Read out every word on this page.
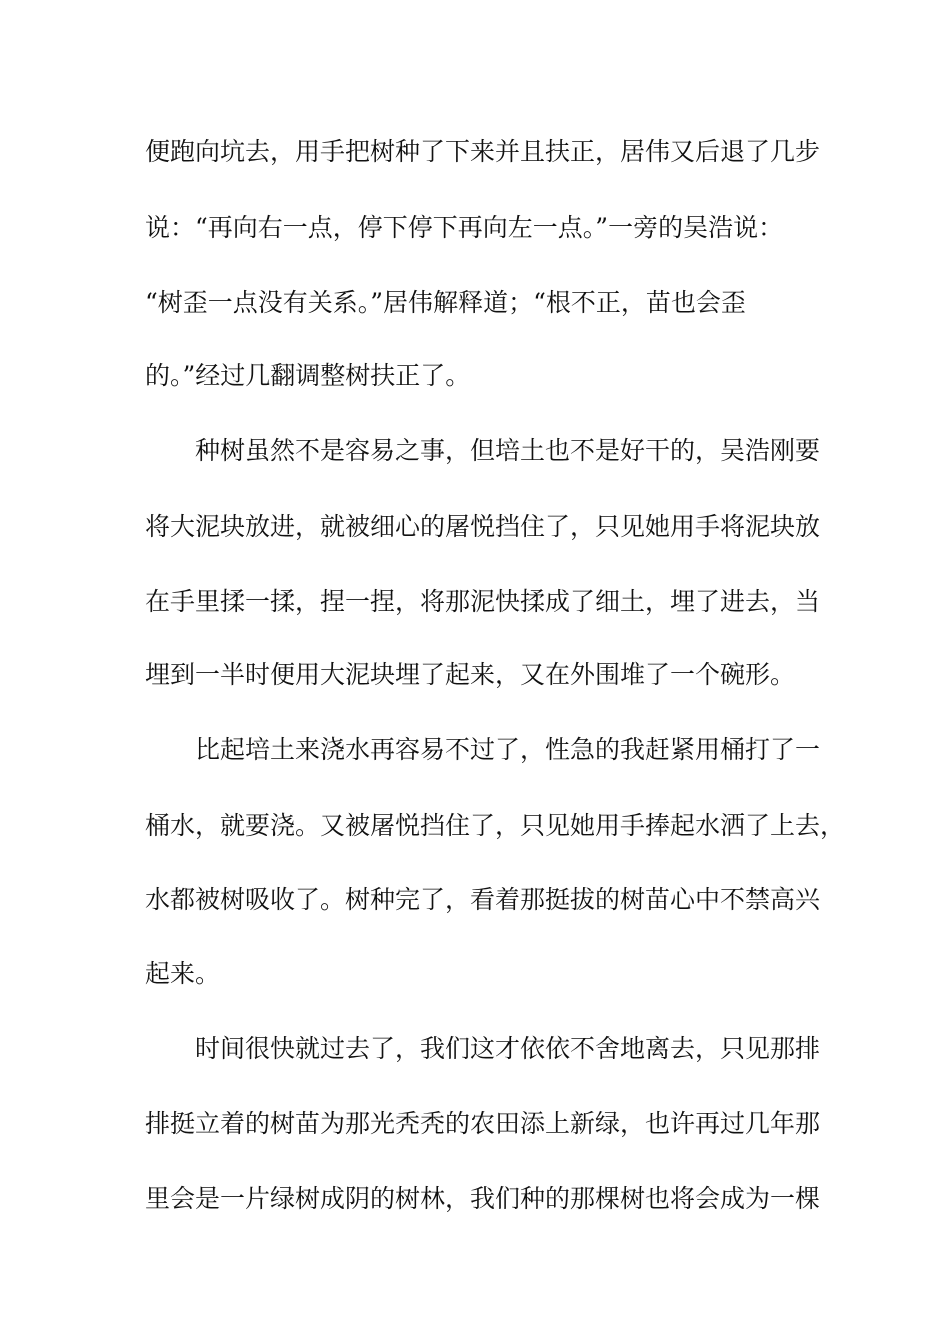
便跑向坑去，用手把树种了下来并且扶正，居伟又后退了几步
说：“再向右一点，停下停下再向左一点。”一旁的吴浩说：
“树歪一点没有关系。”居伟解释道；“根不正，苗也会歪
的。”经过几翻调整树扶正了。
　　种树虽然不是容易之事，但培土也不是好干的，吴浩刚要
将大泥块放进，就被细心的屠悦挡住了，只见她用手将泥块放
在手里揉一揉，捏一捏，将那泥快揉成了细土，埋了进去，当
埋到一半时便用大泥块埋了起来，又在外围堆了一个碗形。
　　比起培土来浇水再容易不过了，性急的我赶紧用桶打了一
桶水，就要浇。又被屠悦挡住了，只见她用手捧起水洒了上去，
水都被树吸收了。树种完了，看着那挺拔的树苗心中不禁高兴
起来。
　　时间很快就过去了，我们这才依依不舍地离去，只见那排
排挺立着的树苗为那光秃秃的农田添上新绿，也许再过几年那
里会是一片绿树成阴的树林，我们种的那棵树也将会成为一棵
